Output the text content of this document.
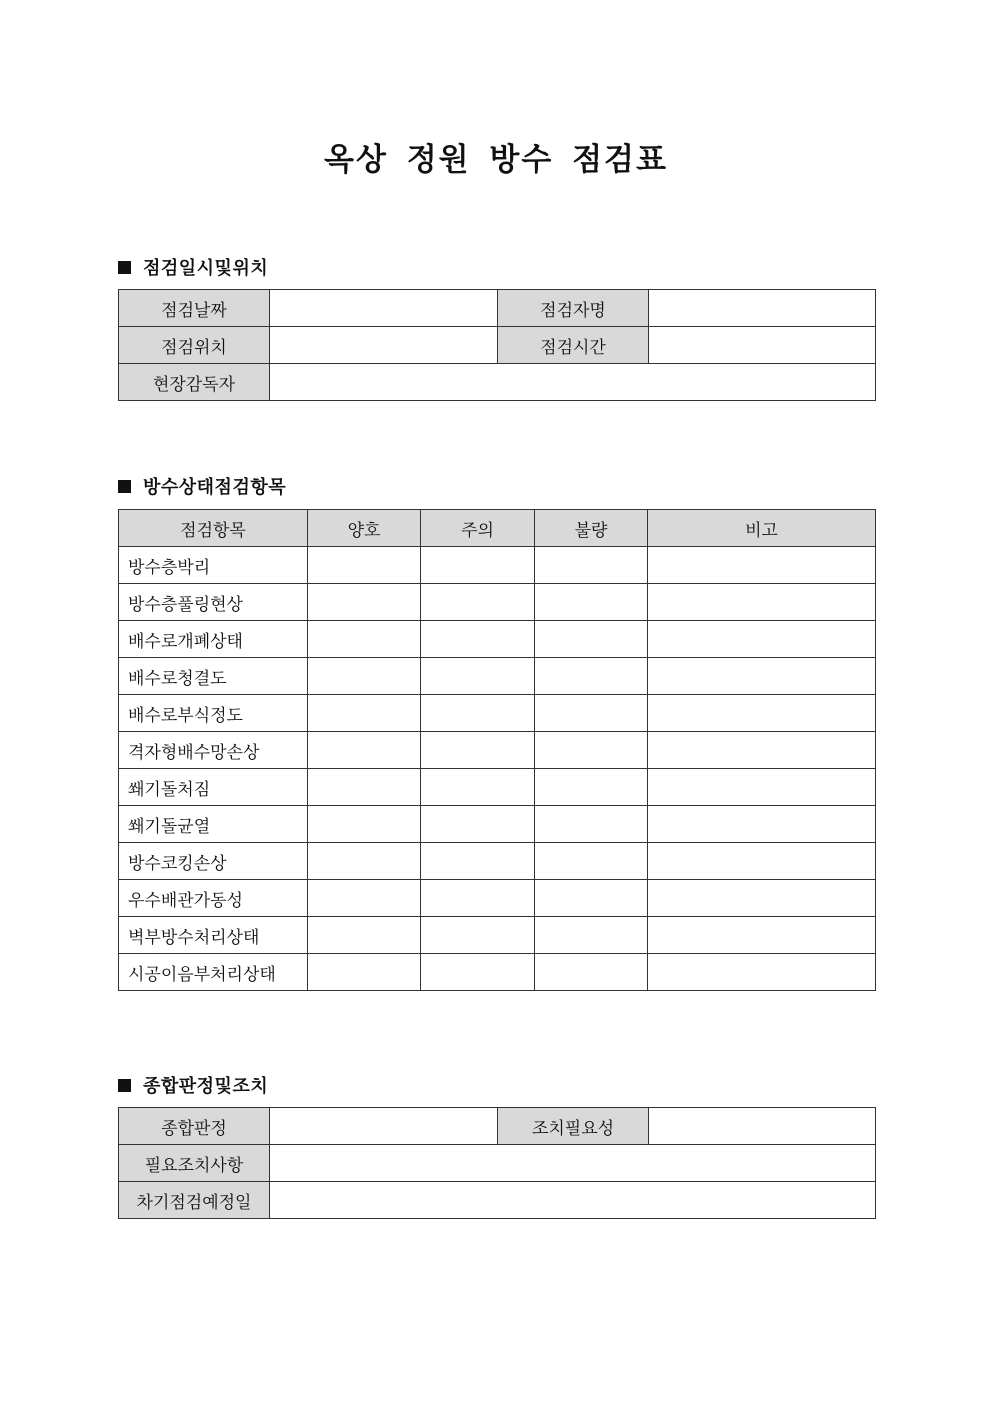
옥상 정원 방수 점검표
점검일시및위치
점검날짜		점검자명	
점검위치		점검시간	
현장감독자			
방수상태점검항목
점검항목	양호	주의	불량	비고
방수층박리				
방수층풀링현상				
배수로개폐상태				
배수로청결도				
배수로부식정도				
격자형배수망손상				
쐐기돌처짐				
쐐기돌균열				
방수코킹손상				
우수배관가동성				
벽부방수처리상태				
시공이음부처리상태				
종합판정및조치
종합판정		조치필요성	
필요조치사항			
차기점검예정일			
